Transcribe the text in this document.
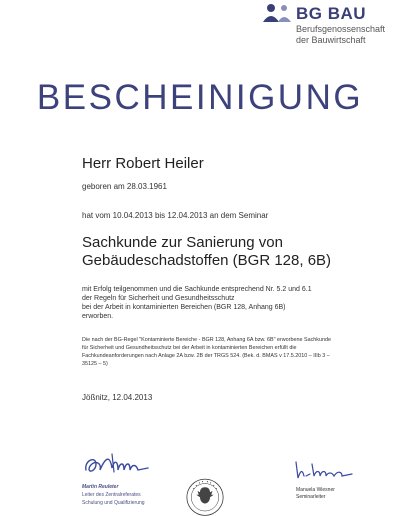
BG BAU
Berufsgenossenschaft
der Bauwirtschaft
BESCHEINIGUNG
Herr Robert Heiler
geboren am 28.03.1961
hat vom 10.04.2013 bis 12.04.2013 an dem Seminar
Sachkunde zur Sanierung von
Gebäudeschadstoffen (BGR 128, 6B)
mit Erfolg teilgenommen und die Sachkunde entsprechend Nr. 5.2 und 6.1
der Regeln für Sicherheit und Gesundheitsschutz
bei der Arbeit in kontaminierten Bereichen (BGR 128, Anhang 6B)
erworben.
Die nach der BG-Regel "Kontaminierte Bereiche - BGR 128, Anhang 6A bzw. 6B" erworbene Sachkunde
für Sicherheit und Gesundheitsschutz bei der Arbeit in kontaminierten Bereichen erfüllt die
Fachkundeanforderungen nach Anlage 2A bzw. 2B der TRGS 524. (Bek. d. BMAS v 17.5.2010 – IIIb 3 –
35125 – 5)
Jößnitz, 12.04.2013
Martin Reuleter
Leiter des Zentralreferates
Schulung und Qualifizierung
Manuela Wiesner
Seminarleiter
